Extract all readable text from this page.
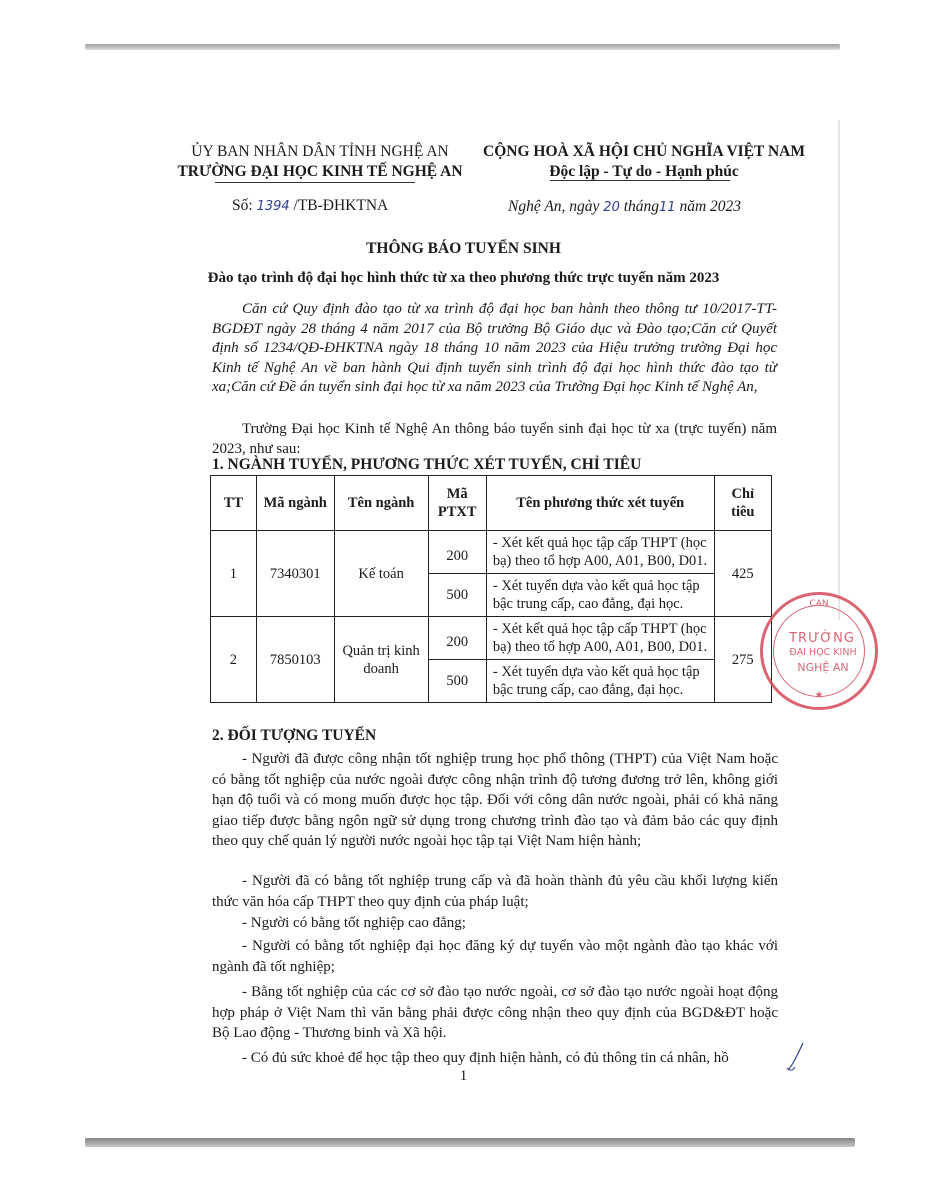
ỦY BAN NHÂN DÂN TỈNH NGHỆ AN
TRƯỜNG ĐẠI HỌC KINH TẾ NGHỆ AN
CỘNG HOÀ XÃ HỘI CHỦ NGHĨA VIỆT NAM
Độc lập - Tự do - Hạnh phúc
Số: 1394 /TB-ĐHKTNA	Nghệ An, ngày 20 tháng11 năm 2023
THÔNG BÁO TUYỂN SINH
Đào tạo trình độ đại học hình thức từ xa theo phương thức trực tuyến năm 2023
Căn cứ Quy định đào tạo từ xa trình độ đại học ban hành theo thông tư 10/2017-TT-BGDĐT ngày 28 tháng 4 năm 2017 của Bộ trưởng Bộ Giáo dục và Đào tạo;Căn cứ Quyết định số 1234/QĐ-ĐHKTNA ngày 18 tháng 10 năm 2023 của Hiệu trưởng trường Đại học Kinh tế Nghệ An về ban hành Qui định tuyển sinh trình độ đại học hình thức đào tạo từ xa;Căn cứ Đề án tuyển sinh đại học từ xa năm 2023 của Trường Đại học Kinh tế Nghệ An,
Trường Đại học Kinh tế Nghệ An thông báo tuyển sinh đại học từ xa (trực tuyến) năm 2023, như sau:
1. NGÀNH TUYỂN, PHƯƠNG THỨC XÉT TUYỂN, CHỈ TIÊU
TT	Mã ngành	Tên ngành	Mã PTXT	Tên phương thức xét tuyển	Chỉ tiêu
1	7340301	Kế toán	200	- Xét kết quả học tập cấp THPT (học bạ) theo tổ hợp A00, A01, B00, D01.	425
			500	- Xét tuyển dựa vào kết quả học tập bậc trung cấp, cao đẳng, đại học.	
2	7850103	Quản trị kinh doanh	200	- Xét kết quả học tập cấp THPT (học bạ) theo tổ hợp A00, A01, B00, D01.	275
			500	- Xét tuyển dựa vào kết quả học tập bậc trung cấp, cao đẳng, đại học.	
CAN
TRƯỜNG
ĐẠI HỌC KINH
NGHỆ AN
★
2. ĐỐI TƯỢNG TUYỂN
- Người đã được công nhận tốt nghiệp trung học phổ thông (THPT) của Việt Nam hoặc có bằng tốt nghiệp của nước ngoài được công nhận trình độ tương đương trở lên, không giới hạn độ tuổi và có mong muốn được học tập. Đối với công dân nước ngoài, phải có khả năng giao tiếp được bằng ngôn ngữ sử dụng trong chương trình đào tạo và đảm bảo các quy định theo quy chế quản lý người nước ngoài học tập tại Việt Nam hiện hành;
- Người đã có bằng tốt nghiệp trung cấp và đã hoàn thành đủ yêu cầu khối lượng kiến thức văn hóa cấp THPT theo quy định của pháp luật;
- Người có bằng tốt nghiệp cao đẳng;
- Người có bằng tốt nghiệp đại học đăng ký dự tuyển vào một ngành đào tạo khác với ngành đã tốt nghiệp;
- Bằng tốt nghiệp của các cơ sở đào tạo nước ngoài, cơ sở đào tạo nước ngoài hoạt động hợp pháp ở Việt Nam thì văn bằng phải được công nhận theo quy định của BGD&ĐT hoặc Bộ Lao động - Thương binh và Xã hội.
- Có đủ sức khoẻ để học tập theo quy định hiện hành, có đủ thông tin cá nhân, hồ
1
